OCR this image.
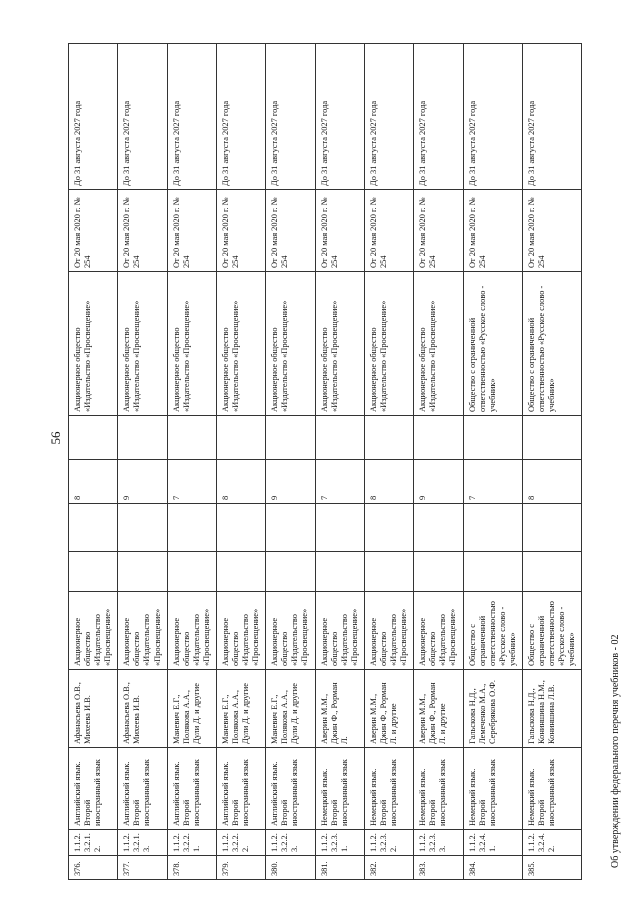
56
376.	1.1.2.3.2.1.2.	Английский язык. Второй иностранный язык	Афанасьева О.В., Михеева И.В.	Акционерное общество «Издательство «Просвещение»			8		Акционерное общество «Издательство «Просвещение»	От 20 мая 2020 г. № 254	До 31 августа 2027 года
377.	1.1.2.3.2.1.3.	Английский язык. Второй иностранный язык	Афанасьева О.В., Михеева И.В.	Акционерное общество «Издательство «Просвещение»			9		Акционерное общество «Издательство «Просвещение»	От 20 мая 2020 г. № 254	До 31 августа 2027 года
378.	1.1.2.3.2.2.1.	Английский язык. Второй иностранный язык	Маневич Е.Г., Полякова А.А., Дули Д. и другие	Акционерное общество «Издательство «Просвещение»			7		Акционерное общество «Издательство «Просвещение»	От 20 мая 2020 г. № 254	До 31 августа 2027 года
379.	1.1.2.3.2.2.2.	Английский язык. Второй иностранный язык	Маневич Е.Г., Полякова А.А., Дули Д. и другие	Акционерное общество «Издательство «Просвещение»			8		Акционерное общество «Издательство «Просвещение»	От 20 мая 2020 г. № 254	До 31 августа 2027 года
380.	1.1.2.3.2.2.3.	Английский язык. Второй иностранный язык	Маневич Е.Г., Полякова А.А., Дули Д. и другие	Акционерное общество «Издательство «Просвещение»			9		Акционерное общество «Издательство «Просвещение»	От 20 мая 2020 г. № 254	До 31 августа 2027 года
381.	1.1.2.3.2.3.1.	Немецкий язык. Второй иностранный язык	Аверин М.М., Джин Ф., Рорман Л.	Акционерное общество «Издательство «Просвещение»			7		Акционерное общество «Издательство «Просвещение»	От 20 мая 2020 г. № 254	До 31 августа 2027 года
382.	1.1.2.3.2.3.2.	Немецкий язык. Второй иностранный язык	Аверин М.М., Джин Ф., Рорман Л. и другие	Акционерное общество «Издательство «Просвещение»			8		Акционерное общество «Издательство «Просвещение»	От 20 мая 2020 г. № 254	До 31 августа 2027 года
383.	1.1.2.3.2.3.3.	Немецкий язык. Второй иностранный язык	Аверин М.М., Джин Ф., Рорман Л. и другие	Акционерное общество «Издательство «Просвещение»			9		Акционерное общество «Издательство «Просвещение»	От 20 мая 2020 г. № 254	До 31 августа 2027 года
384.	1.1.2.3.2.4.1.	Немецкий язык. Второй иностранный язык	Гальскова Н.Д., Лемеченко М.А., Серебрякова О.Ф.	Общество с ограниченной ответственностью «Русское слово - учебник»			7		Общество с ограниченной ответственностью «Русское слово - учебник»	От 20 мая 2020 г. № 254	До 31 августа 2027 года
385.	1.1.2.3.2.4.2.	Немецкий язык. Второй иностранный язык	Гальскова Н.Д., Кониншина Н.М., Кониншина Л.В.	Общество с ограниченной ответственностью «Русское слово - учебник»			8		Общество с ограниченной ответственностью «Русское слово - учебник»	От 20 мая 2020 г. № 254	До 31 августа 2027 года
Об утверждении федерального перечня учебников - 02
